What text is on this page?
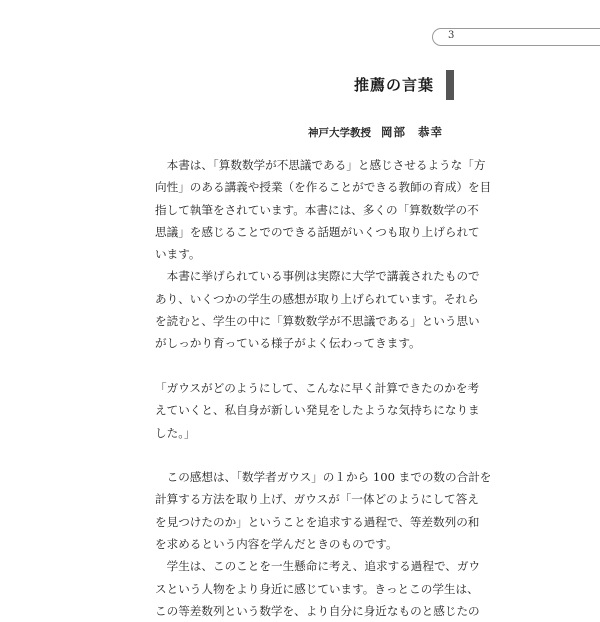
3
推薦の言葉
神戸大学教授 岡部 恭幸

本書は、「算数数学が不思議である」と感じさせるような「方
向性」のある講義や授業（を作ることができる教師の育成）を目
指して執筆をされています。本書には、多くの「算数数学の不
思議」を感じることでのできる話題がいくつも取り上げられて
います。

本書に挙げられている事例は実際に大学で講義されたもので
あり、いくつかの学生の感想が取り上げられています。それら
を読むと、学生の中に「算数数学が不思議である」という思い
がしっかり育っている様子がよく伝わってきます。

「ガウスがどのようにして、こんなに早く計算できたのかを考
えていくと、私自身が新しい発見をしたような気持ちになりま
した。」

この感想は、「数学者ガウス」の１から 100 までの数の合計を
計算する方法を取り上げ、ガウスが「一体どのようにして答え
を見つけたのか」ということを追求する過程で、等差数列の和
を求めるという内容を学んだときのものです。

学生は、このことを一生懸命に考え、追求する過程で、ガウ
スという人物をより身近に感じています。きっとこの学生は、
この等差数列という数学を、より自分に身近なものと感じたの
